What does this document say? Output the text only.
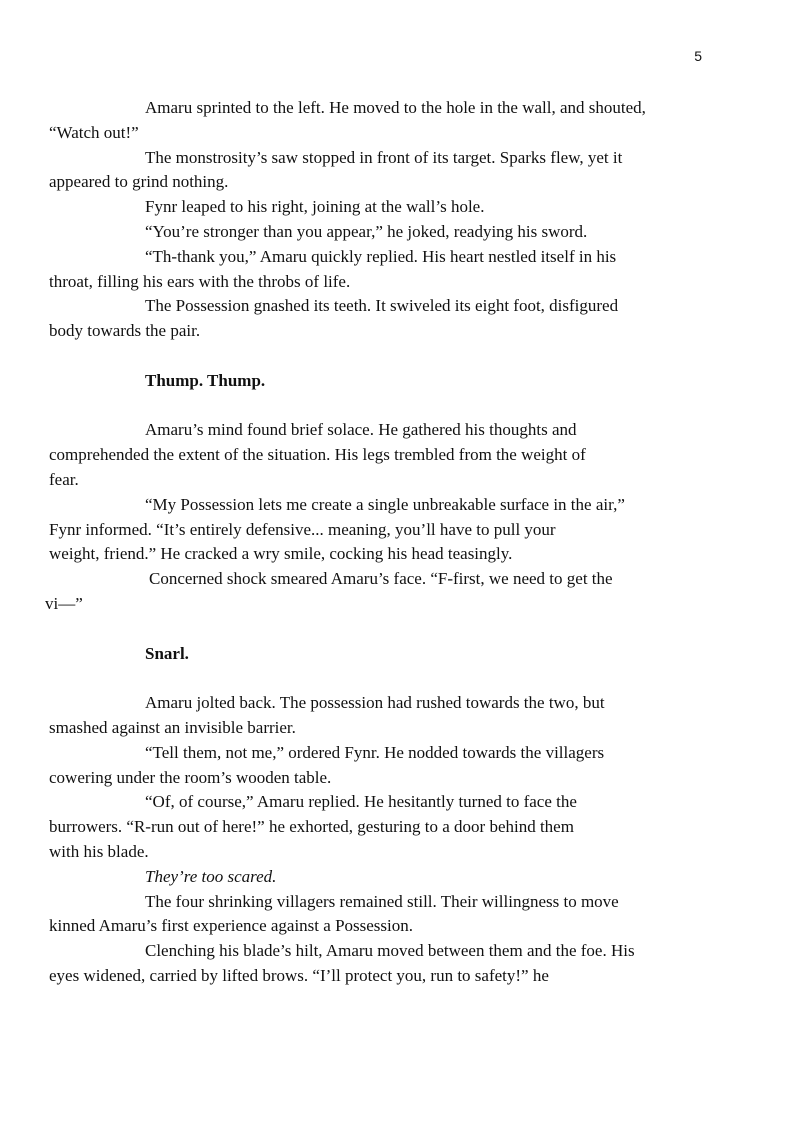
5

Amaru sprinted to the left. He moved to the hole in the wall, and shouted,
“Watch out!”

The monstrosity’s saw stopped in front of its target. Sparks flew, yet it
appeared to grind nothing.

Fynr leaped to his right, joining at the wall’s hole.

“You’re stronger than you appear,” he joked, readying his sword.

“Th-thank you,” Amaru quickly replied. His heart nestled itself in his
throat, filling his ears with the throbs of life.

The Possession gnashed its teeth. It swiveled its eight foot, disfigured
body towards the pair.

Thump. Thump.

Amaru’s mind found brief solace. He gathered his thoughts and
comprehended the extent of the situation. His legs trembled from the weight of
fear.

“My Possession lets me create a single unbreakable surface in the air,”
Fynr informed. “It’s entirely defensive... meaning, you’ll have to pull your
weight, friend.” He cracked a wry smile, cocking his head teasingly.

Concerned shock smeared Amaru’s face. “F-first, we need to get the
vi—”

Snarl.

Amaru jolted back. The possession had rushed towards the two, but
smashed against an invisible barrier.

“Tell them, not me,” ordered Fynr. He nodded towards the villagers
cowering under the room’s wooden table.

“Of, of course,” Amaru replied. He hesitantly turned to face the
burrowers. “R-run out of here!” he exhorted, gesturing to a door behind them
with his blade.

They’re too scared.

The four shrinking villagers remained still. Their willingness to move
kinned Amaru’s first experience against a Possession.

Clenching his blade’s hilt, Amaru moved between them and the foe. His
eyes widened, carried by lifted brows. “I’ll protect you, run to safety!” he
